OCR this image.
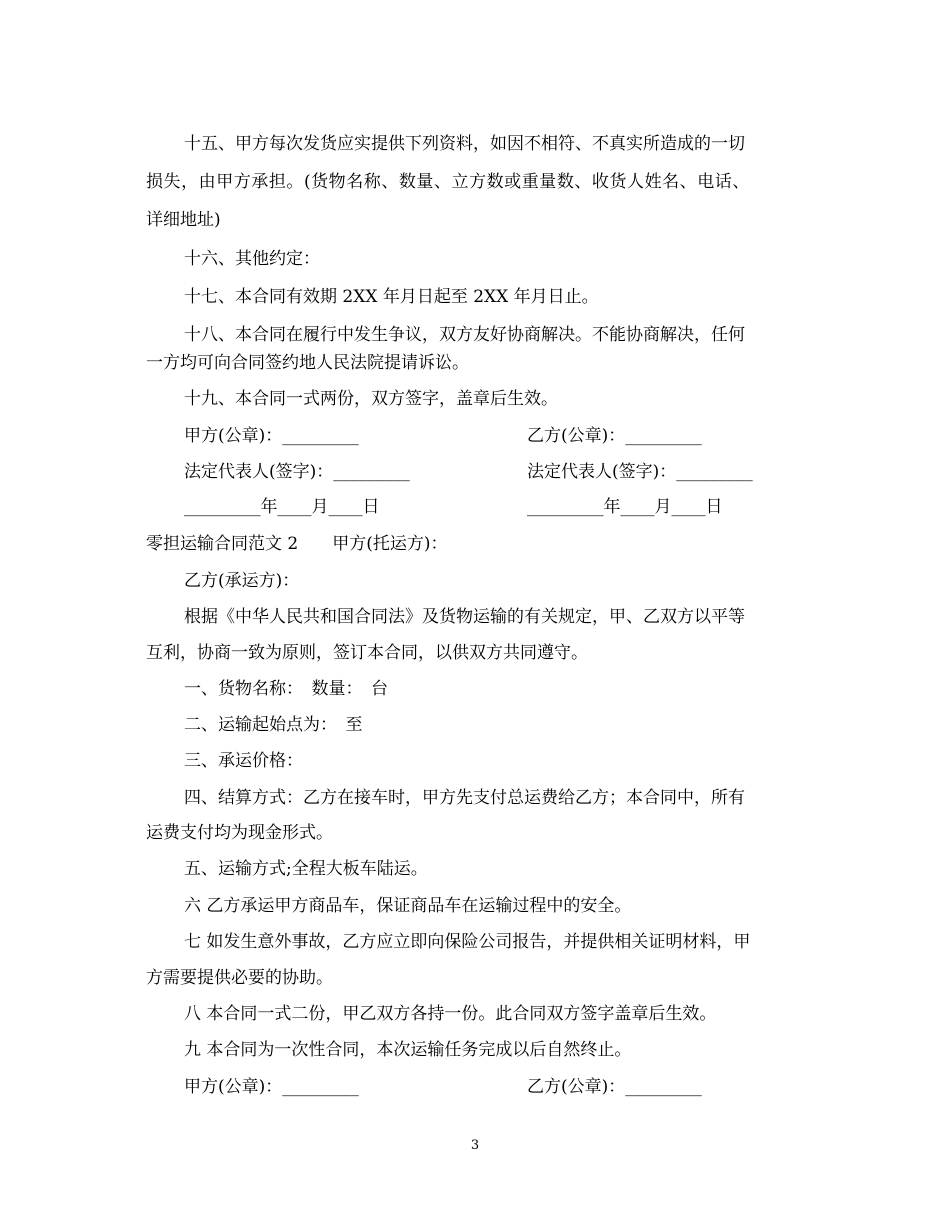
十五、甲方每次发货应实提供下列资料，如因不相符、不真实所造成的一切
损失，由甲方承担。(货物名称、数量、立方数或重量数、收货人姓名、电话、
详细地址)
十六、其他约定：
十七、本合同有效期 2XX 年月日起至 2XX 年月日止。
十八、本合同在履行中发生争议，双方友好协商解决。不能协商解决，任何
一方均可向合同签约地人民法院提请诉讼。
十九、本合同一式两份，双方签字，盖章后生效。
甲方(公章)：_________	乙方(公章)：_________
法定代表人(签字)：_________	法定代表人(签字)：_________
_________年____月____日	_________年____月____日
零担运输合同范文 2　　甲方(托运方)：
乙方(承运方)：
根据《中华人民共和国合同法》及货物运输的有关规定，甲、乙双方以平等
互利，协商一致为原则，签订本合同，以供双方共同遵守。
一、货物名称：　数量：　台
二、运输起始点为：　至
三、承运价格：
四、结算方式：乙方在接车时，甲方先支付总运费给乙方；本合同中，所有
运费支付均为现金形式。
五、运输方式;全程大板车陆运。
六 乙方承运甲方商品车，保证商品车在运输过程中的安全。
七 如发生意外事故，乙方应立即向保险公司报告，并提供相关证明材料，甲
方需要提供必要的协助。
八 本合同一式二份，甲乙双方各持一份。此合同双方签字盖章后生效。
九 本合同为一次性合同，本次运输任务完成以后自然终止。
甲方(公章)：_________	乙方(公章)：_________
3
